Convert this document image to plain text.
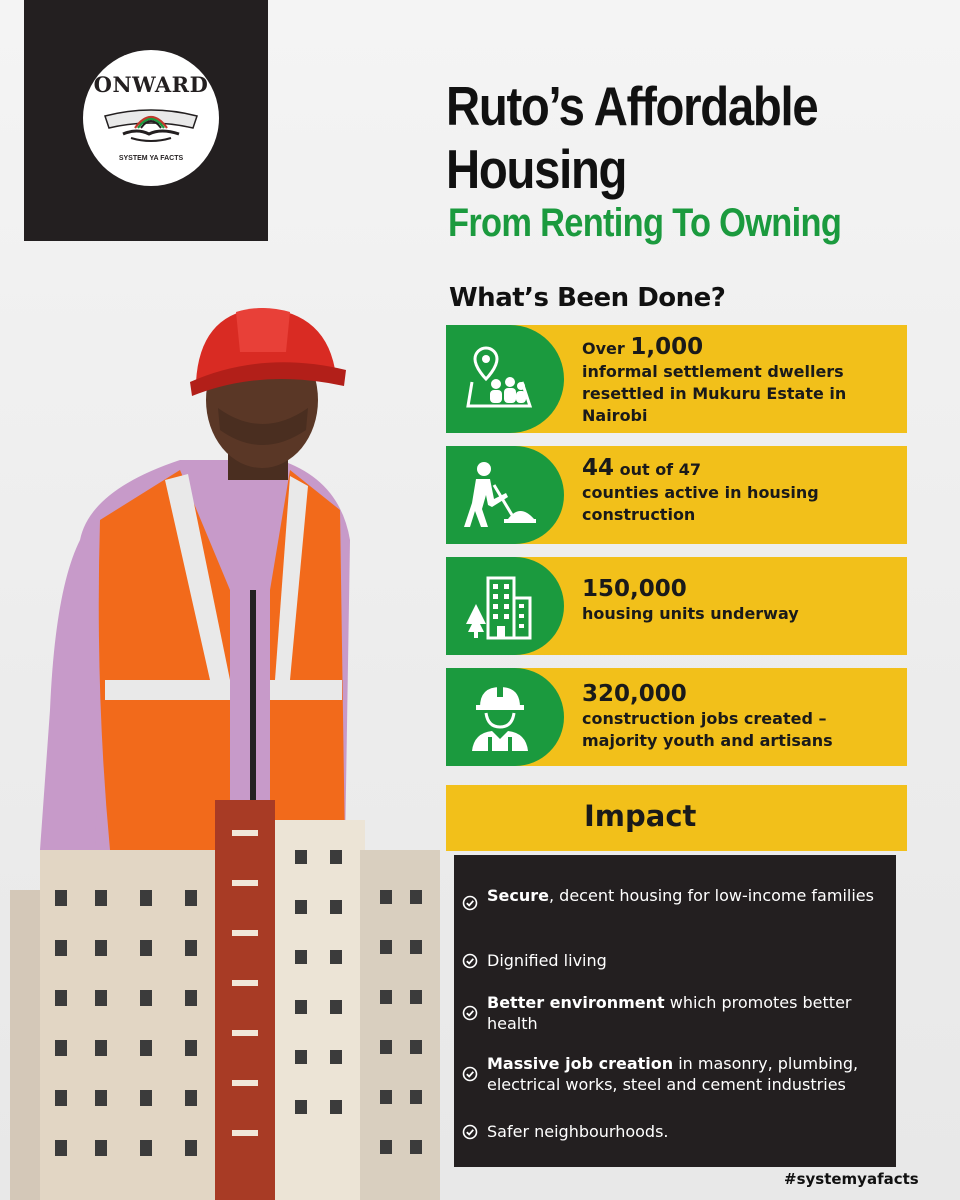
ONWARD
SYSTEM YA FACTS
Ruto’s Affordable
Housing
From Renting To Owning
What’s Been Done?
Over 1,000
informal settlement dwellers resettled in Mukuru Estate in Nairobi
44 out of 47
counties active in housing construction
150,000
housing units underway
320,000
construction jobs created – majority youth and artisans
Impact
Secure, decent housing for low-income families
Dignified living
Better environment which promotes better health
Massive job creation in masonry, plumbing, electrical works, steel and cement industries
Safer neighbourhoods.
#systemyafacts
